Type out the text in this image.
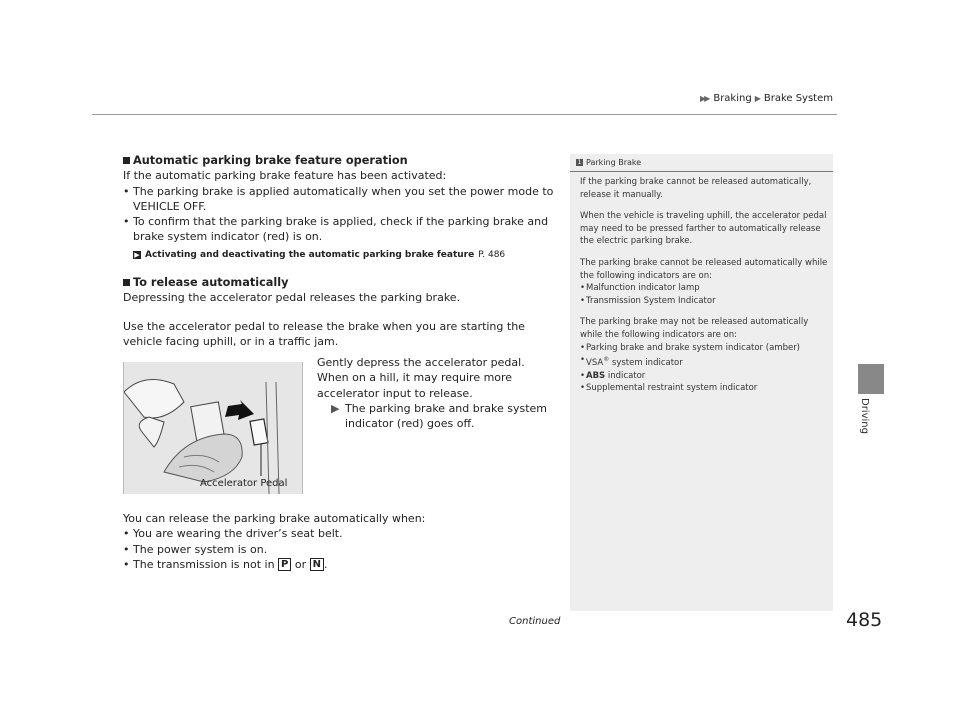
▶▶ Braking ▶ Brake System
Driving

Automatic parking brake feature operation

If the automatic parking brake feature has been activated:

• The parking brake is applied automatically when you set the power mode to VEHICLE OFF.
• To confirm that the parking brake is applied, check if the parking brake and brake system indicator (red) is on.
▶ Activating and deactivating the automatic parking brake feature P. 486

To release automatically

Depressing the accelerator pedal releases the parking brake.

Use the accelerator pedal to release the brake when you are starting the vehicle facing uphill, or in a traffic jam.

Accelerator Pedal

Gently depress the accelerator pedal.

When on a hill, it may require more accelerator input to release.

▶ The parking brake and brake system indicator (red) goes off.

You can release the parking brake automatically when:

• You are wearing the driver’s seat belt.
• The power system is on.
• The transmission is not in
P
or
N .
1 Parking Brake

If the parking brake cannot be released automatically, release it manually.

When the vehicle is traveling uphill, the accelerator pedal may need to be pressed farther to automatically release the electric parking brake.

The parking brake cannot be released automatically while the following indicators are on:

• Malfunction indicator lamp
• Transmission System Indicator

The parking brake may not be released automatically while the following indicators are on:

• Parking brake and brake system indicator (amber)
• VSA® system indicator
• ABS indicator
• Supplemental restraint system indicator
Continued	485
